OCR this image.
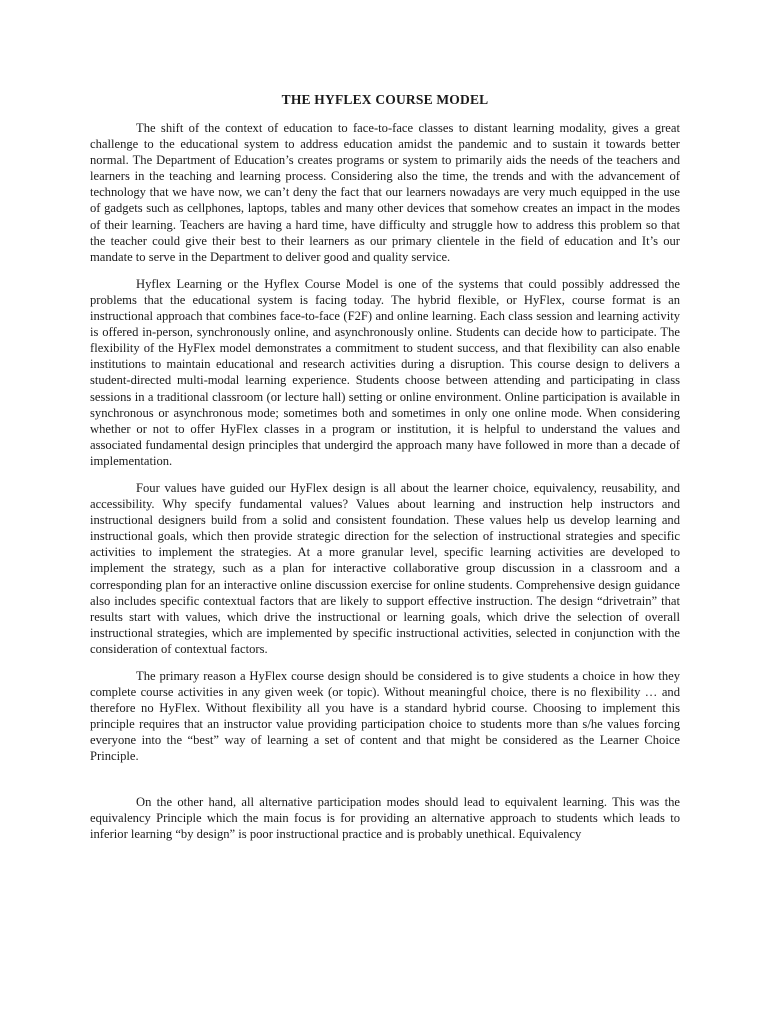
THE HYFLEX COURSE MODEL

The shift of the context of education to face-to-face classes to distant learning modality, gives a great challenge to the educational system to address education amidst the pandemic and to sustain it towards better normal. The Department of Education’s creates programs or system to primarily aids the needs of the teachers and learners in the teaching and learning process. Considering also the time, the trends and with the advancement of technology that we have now, we can’t deny the fact that our learners nowadays are very much equipped in the use of gadgets such as cellphones, laptops, tables and many other devices that somehow creates an impact in the modes of their learning. Teachers are having a hard time, have difficulty and struggle how to address this problem so that the teacher could give their best to their learners as our primary clientele in the field of education and It’s our mandate to serve in the Department to deliver good and quality service.

Hyflex Learning or the Hyflex Course Model is one of the systems that could possibly addressed the problems that the educational system is facing today. The hybrid flexible, or HyFlex, course format is an instructional approach that combines face-to-face (F2F) and online learning. Each class session and learning activity is offered in-person, synchronously online, and asynchronously online. Students can decide how to participate. The flexibility of the HyFlex model demonstrates a commitment to student success, and that flexibility can also enable institutions to maintain educational and research activities during a disruption. This course design to delivers a student-directed multi-modal learning experience. Students choose between attending and participating in class sessions in a traditional classroom (or lecture hall) setting or online environment. Online participation is available in synchronous or asynchronous mode; sometimes both and sometimes in only one online mode. When considering whether or not to offer HyFlex classes in a program or institution, it is helpful to understand the values and associated fundamental design principles that undergird the approach many have followed in more than a decade of implementation.

Four values have guided our HyFlex design is all about the learner choice, equivalency, reusability, and accessibility. Why specify fundamental values? Values about learning and instruction help instructors and instructional designers build from a solid and consistent foundation. These values help us develop learning and instructional goals, which then provide strategic direction for the selection of instructional strategies and specific activities to implement the strategies. At a more granular level, specific learning activities are developed to implement the strategy, such as a plan for interactive collaborative group discussion in a classroom and a corresponding plan for an interactive online discussion exercise for online students. Comprehensive design guidance also includes specific contextual factors that are likely to support effective instruction. The design “drivetrain” that results start with values, which drive the instructional or learning goals, which drive the selection of overall instructional strategies, which are implemented by specific instructional activities, selected in conjunction with the consideration of contextual factors.

The primary reason a HyFlex course design should be considered is to give students a choice in how they complete course activities in any given week (or topic). Without meaningful choice, there is no flexibility … and therefore no HyFlex. Without flexibility all you have is a standard hybrid course. Choosing to implement this principle requires that an instructor value providing participation choice to students more than s/he values forcing everyone into the “best” way of learning a set of content and that might be considered as the Learner Choice Principle.

On the other hand, all alternative participation modes should lead to equivalent learning. This was the equivalency Principle which the main focus is for providing an alternative approach to students which leads to inferior learning “by design” is poor instructional practice and is probably unethical. Equivalency
